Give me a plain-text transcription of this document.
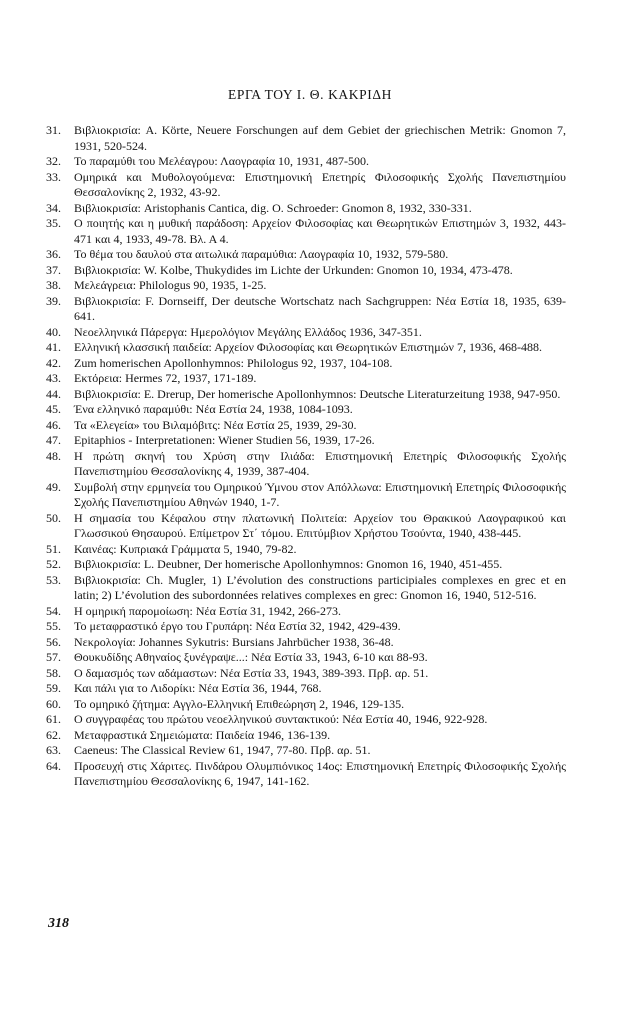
ΕΡΓΑ ΤΟΥ Ι. Θ. ΚΑΚΡΙΔΗ
31. Βιβλιοκρισία: A. Körte, Neuere Forschungen auf dem Gebiet der griechischen Metrik: Gnomon 7, 1931, 520-524.
32. Το παραμύθι του Μελέαγρου: Λαογραφία 10, 1931, 487-500.
33. Ομηρικά και Μυθολογούμενα: Επιστημονική Επετηρίς Φιλοσοφικής Σχολής Πανεπιστημίου Θεσσαλονίκης 2, 1932, 43-92.
34. Βιβλιοκρισία: Aristophanis Cantica, dig. O. Schroeder: Gnomon 8, 1932, 330-331.
35. Ο ποιητής και η μυθική παράδοση: Αρχείον Φιλοσοφίας και Θεωρητικών Επιστημών 3, 1932, 443-471 και 4, 1933, 49-78. Βλ. Α 4.
36. Το θέμα του δαυλού στα αιτωλικά παραμύθια: Λαογραφία 10, 1932, 579-580.
37. Βιβλιοκρισία: W. Kolbe, Thukydides im Lichte der Urkunden: Gnomon 10, 1934, 473-478.
38. Μελεάγρεια: Philologus 90, 1935, 1-25.
39. Βιβλιοκρισία: F. Dornseiff, Der deutsche Wortschatz nach Sachgruppen: Νέα Εστία 18, 1935, 639-641.
40. Νεοελληνικά Πάρεργα: Ημερολόγιον Μεγάλης Ελλάδος 1936, 347-351.
41. Ελληνική κλασσική παιδεία: Αρχείον Φιλοσοφίας και Θεωρητικών Επιστημών 7, 1936, 468-488.
42. Zum homerischen Apollonhymnos: Philologus 92, 1937, 104-108.
43. Εκτόρεια: Hermes 72, 1937, 171-189.
44. Βιβλιοκρισία: E. Drerup, Der homerische Apollonhymnos: Deutsche Literaturzeitung 1938, 947-950.
45. Ένα ελληνικό παραμύθι: Νέα Εστία 24, 1938, 1084-1093.
46. Τα «Ελεγεία» του Βιλαμόβιτς: Νέα Εστία 25, 1939, 29-30.
47. Epitaphios - Interpretationen: Wiener Studien 56, 1939, 17-26.
48. Η πρώτη σκηνή του Χρύση στην Ιλιάδα: Επιστημονική Επετηρίς Φιλοσοφικής Σχολής Πανεπιστημίου Θεσσαλονίκης 4, 1939, 387-404.
49. Συμβολή στην ερμηνεία του Ομηρικού Ύμνου στον Απόλλωνα: Επιστημονική Επετηρίς Φιλοσοφικής Σχολής Πανεπιστημίου Αθηνών 1940, 1-7.
50. Η σημασία του Κέφαλου στην πλατωνική Πολιτεία: Αρχείον του Θρακικού Λαογραφικού και Γλωσσικού Θησαυρού. Επίμετρον Στ΄ τόμου. Επιτύμβιον Χρήστου Τσούντα, 1940, 438-445.
51. Καινέας: Κυπριακά Γράμματα 5, 1940, 79-82.
52. Βιβλιοκρισία: L. Deubner, Der homerische Apollonhymnos: Gnomon 16, 1940, 451-455.
53. Βιβλιοκρισία: Ch. Mugler, 1) L’évolution des constructions participiales complexes en grec et en latin; 2) L’évolution des subordonnées relatives complexes en grec: Gnomon 16, 1940, 512-516.
54. Η ομηρική παρομοίωση: Νέα Εστία 31, 1942, 266-273.
55. Το μεταφραστικό έργο του Γρυπάρη: Νέα Εστία 32, 1942, 429-439.
56. Νεκρολογία: Johannes Sykutris: Bursians Jahrbücher 1938, 36-48.
57. Θουκυδίδης Αθηναίος ξυνέγραψε...: Νέα Εστία 33, 1943, 6-10 και 88-93.
58. Ο δαμασμός των αδάμαστων: Νέα Εστία 33, 1943, 389-393. Πρβ. αρ. 51.
59. Και πάλι για το Λιδορίκι: Νέα Εστία 36, 1944, 768.
60. Το ομηρικό ζήτημα: Αγγλο-Ελληνική Επιθεώρηση 2, 1946, 129-135.
61. Ο συγγραφέας του πρώτου νεοελληνικού συντακτικού: Νέα Εστία 40, 1946, 922-928.
62. Μεταφραστικά Σημειώματα: Παιδεία 1946, 136-139.
63. Caeneus: The Classical Review 61, 1947, 77-80. Πρβ. αρ. 51.
64. Προσευχή στις Χάριτες. Πινδάρου Ολυμπιόνικος 14ος: Επιστημονική Επετηρίς Φιλοσοφικής Σχολής Πανεπιστημίου Θεσσαλονίκης 6, 1947, 141-162.
318
